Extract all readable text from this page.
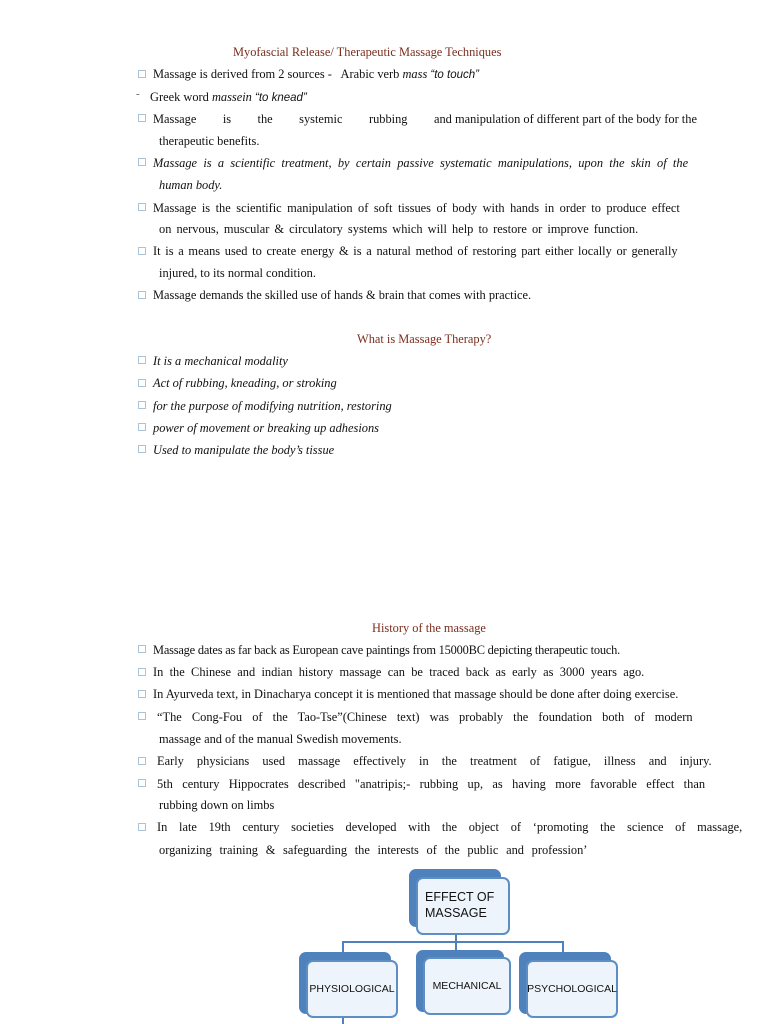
Myofascial Release/ Therapeutic Massage Techniques
Massage is derived from 2 sources - Arabic verb mass “to touch”
- Greek word massein “to knead”
Massage is the systemic rubbing and manipulation of different part of the body for the
therapeutic benefits.
Massage is a scientific treatment, by certain passive systematic manipulations, upon the skin of the
human body.
Massage is the scientific manipulation of soft tissues of body with hands in order to produce effect
on nervous, muscular & circulatory systems which will help to restore or improve function.
It is a means used to create energy & is a natural method of restoring part either locally or generally
injured, to its normal condition.
Massage demands the skilled use of hands & brain that comes with practice.
What is Massage Therapy?
It is a mechanical modality
Act of rubbing, kneading, or stroking
for the purpose of modifying nutrition, restoring
power of movement or breaking up adhesions
Used to manipulate the body’s tissue
History of the massage
Massage dates as far back as European cave paintings from 15000BC depicting therapeutic touch.
In the Chinese and indian history massage can be traced back as early as 3000 years ago.
In Ayurveda text, in Dinacharya concept it is mentioned that massage should be done after doing exercise.
“The Cong-Fou of the Tao-Tse”(Chinese text) was probably the foundation both of modern
massage and of the manual Swedish movements.
Early physicians used massage effectively in the treatment of fatigue, illness and injury.
5th century Hippocrates described "anatripis;- rubbing up, as having more favorable effect than
rubbing down on limbs
In late 19th century societies developed with the object of ‘promoting the science of massage,
organizing training & safeguarding the interests of the public and profession’
EFFECT OF MASSAGE
PHYSIOLOGICAL	MECHANICAL PSYCHOLOGICAL
